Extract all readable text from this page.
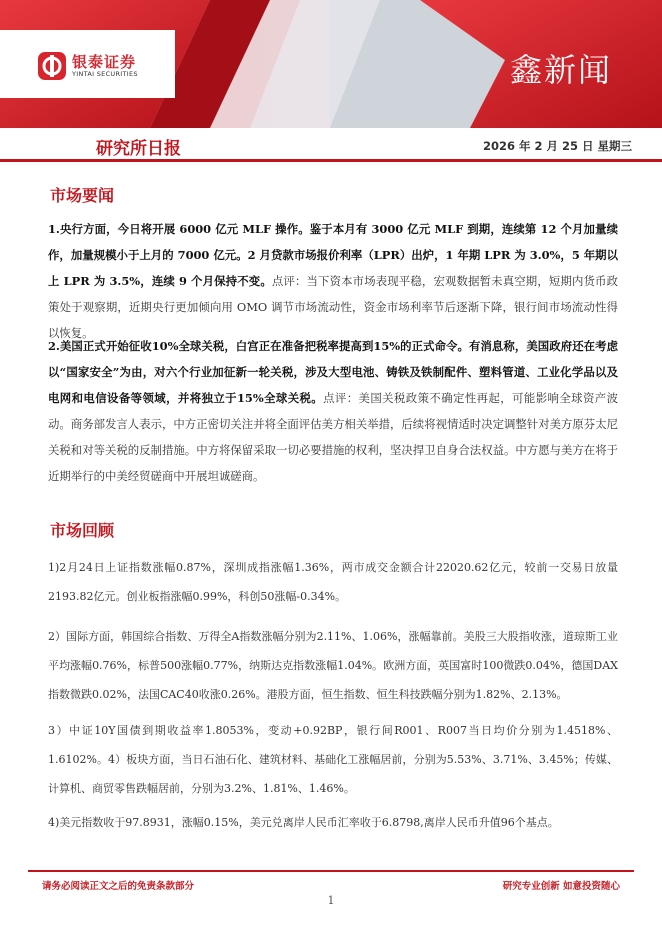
银泰证券
YINTAI SECURITIES	鑫新闻
研究所日报	2026 年 2 月 25 日 星期三
市场要闻
1.央行方面，今日将开展 6000 亿元 MLF 操作。鉴于本月有 3000 亿元 MLF 到期，连续第 12 个月加量续作，加量规模小于上月的 7000 亿元。2 月贷款市场报价利率（LPR）出炉，1 年期 LPR 为 3.0%，5 年期以上 LPR 为 3.5%，连续 9 个月保持不变。点评：当下资本市场表现平稳，宏观数据暂未真空期，短期内货币政策处于观察期，近期央行更加倾向用 OMO 调节市场流动性，资金市场利率节后逐渐下降，银行间市场流动性得以恢复。
2.美国正式开始征收10%全球关税，白宫正在准备把税率提高到15%的正式命令。有消息称，美国政府还在考虑以“国家安全”为由，对六个行业加征新一轮关税，涉及大型电池、铸铁及铁制配件、塑料管道、工业化学品以及电网和电信设备等领域，并将独立于15%全球关税。点评：美国关税政策不确定性再起，可能影响全球资产波动。商务部发言人表示，中方正密切关注并将全面评估美方相关举措，后续将视情适时决定调整针对美方原芬太尼关税和对等关税的反制措施。中方将保留采取一切必要措施的权利，坚决捍卫自身合法权益。中方愿与美方在将于近期举行的中美经贸磋商中开展坦诚磋商。
市场回顾
1)2月24日上证指数涨幅0.87%，深圳成指涨幅1.36%，两市成交金额合计22020.62亿元，较前一交易日放量2193.82亿元。创业板指涨幅0.99%，科创50涨幅-0.34%。
2）国际方面，韩国综合指数、万得全A指数涨幅分别为2.11%、1.06%，涨幅靠前。美股三大股指收涨，道琼斯工业平均涨幅0.76%，标普500涨幅0.77%，纳斯达克指数涨幅1.04%。欧洲方面，英国富时100微跌0.04%，德国DAX指数微跌0.02%，法国CAC40收涨0.26%。港股方面，恒生指数、恒生科技跌幅分别为1.82%、2.13%。
3）中证10Y国债到期收益率1.8053%，变动+0.92BP，银行间R001、R007当日均价分别为1.4518%、1.6102%。4）板块方面，当日石油石化、建筑材料、基础化工涨幅居前，分别为5.53%、3.71%、3.45%；传媒、计算机、商贸零售跌幅居前，分别为3.2%、1.81%、1.46%。
4)美元指数收于97.8931，涨幅0.15%，美元兑离岸人民币汇率收于6.8798,离岸人民币升值96个基点。
请务必阅读正文之后的免责条款部分	研究专业创新 如意投资随心
1
